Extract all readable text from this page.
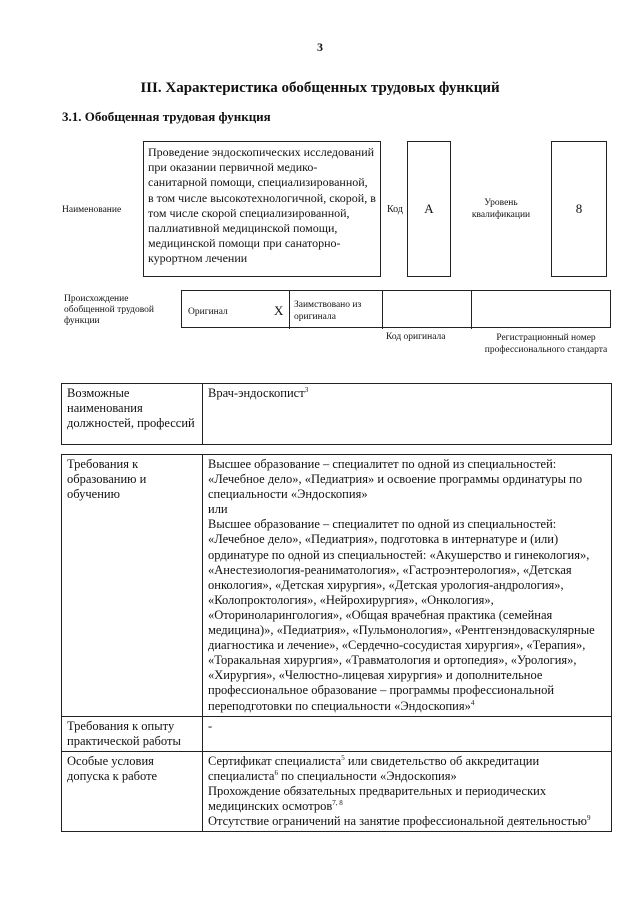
3
III. Характеристика обобщенных трудовых функций
3.1. Обобщенная трудовая функция
Наименование
Проведение эндоскопических исследований при оказании первичной медико-санитарной помощи, специализированной, в том числе высокотехнологичной, скорой, в том числе скорой специализированной, паллиативной медицинской помощи, медицинской помощи при санаторно-курортном лечении
Код A	Уровень квалификации	8
Происхождение обобщенной трудовой функции
Оригинал	X Заимствовано из оригинала
Код оригинала	Регистрационный номер профессионального стандарта
Возможные наименования должностей, профессий	Врач-эндоскопист$^3$
Требования к образованию и обучению	Высшее образование – специалитет по одной из специальностей: «Лечебное дело», «Педиатрия» и освоение программы ординатуры по специальности «Эндоскопия»

или

Высшее образование – специалитет по одной из специальностей: «Лечебное дело», «Педиатрия», подготовка в интернатуре и (или) ординатуре по одной из специальностей: «Акушерство и гинекология», «Анестезиология-реаниматология», «Гастроэнтерология», «Детская онкология», «Детская хирургия», «Детская урология-андрология», «Колопроктология», «Нейрохирургия», «Онкология», «Оториноларингология», «Общая врачебная практика (семейная медицина)», «Педиатрия», «Пульмонология», «Рентгенэндоваскулярные диагностика и лечение», «Сердечно-сосудистая хирургия», «Терапия», «Торакальная хирургия», «Травматология и ортопедия», «Урология», «Хирургия», «Челюстно-лицевая хирургия» и дополнительное профессиональное образование – программы профессиональной переподготовки по специальности «Эндоскопия»$^4$

Требования к опыту практической работы	-
Особые условия допуска к работе	Сертификат специалиста$^5$ или свидетельство об аккредитации специалиста$^6$ по специальности «Эндоскопия»

Прохождение обязательных предварительных и периодических медицинских осмотров$^{7, 8}$

Отсутствие ограничений на занятие профессиональной деятельностью$^9$
